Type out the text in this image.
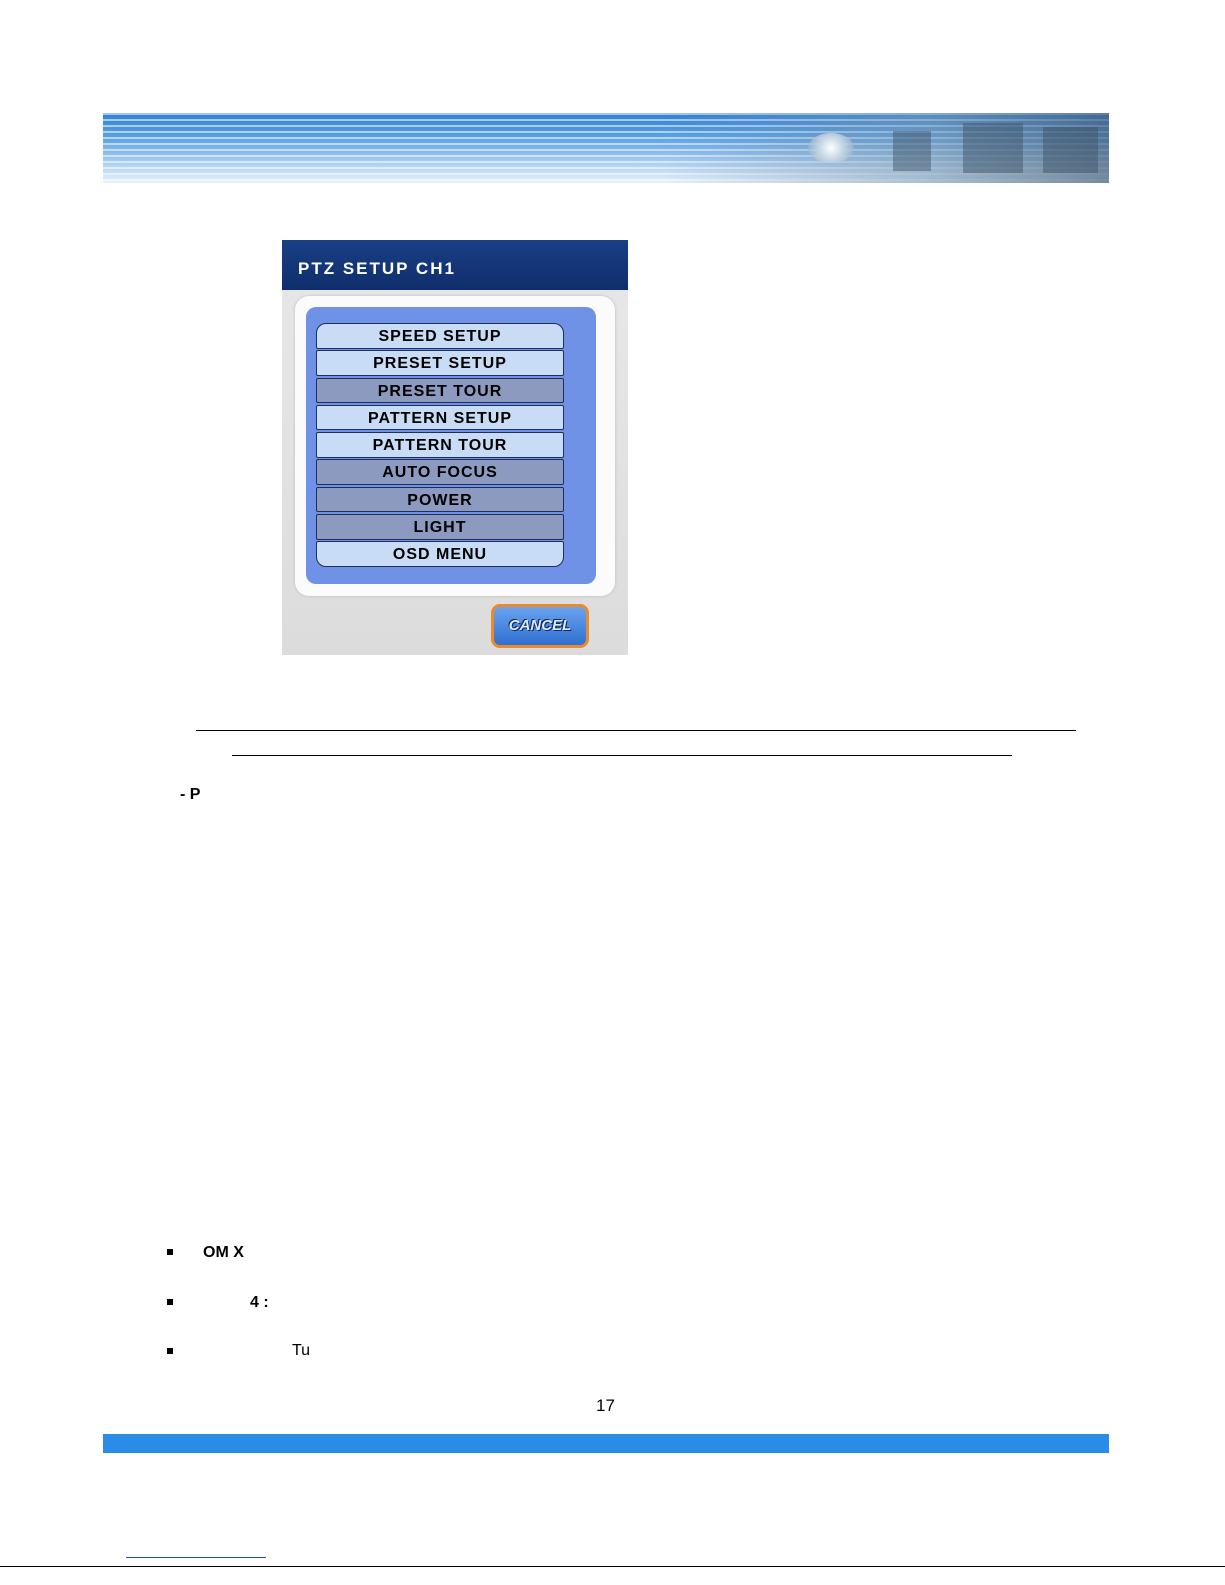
PTZ SETUP CH1
SPEED SETUP
PRESET SETUP
PRESET TOUR
PATTERN SETUP
PATTERN TOUR
AUTO FOCUS
POWER
LIGHT
OSD MENU
CANCEL
- P
OM X
4 :
Tu
17
